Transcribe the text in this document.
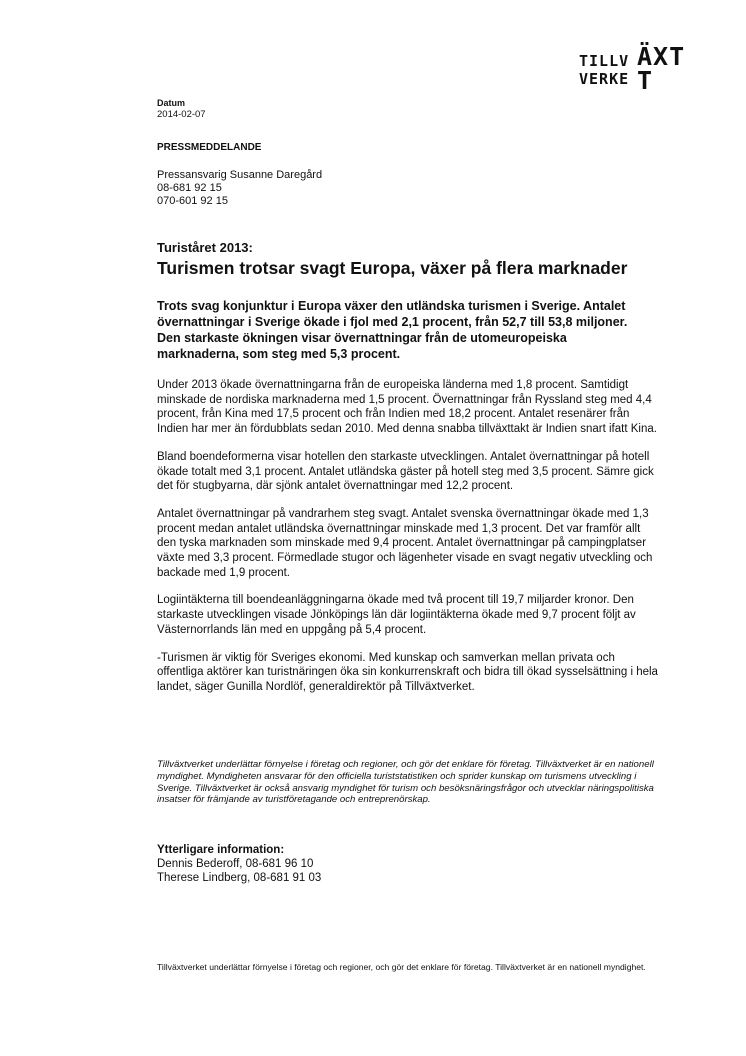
TILLV ÄXT
VERKE T
Datum
2014-02-07
PRESSMEDDELANDE
Pressansvarig Susanne Daregård
08-681 92 15
070-601 92 15
Turiståret 2013:
Turismen trotsar svagt Europa, växer på flera marknader
Trots svag konjunktur i Europa växer den utländska turismen i Sverige. Antalet övernattningar i Sverige ökade i fjol med 2,1 procent, från 52,7 till 53,8 miljoner. Den starkaste ökningen visar övernattningar från de utomeuropeiska marknaderna, som steg med 5,3 procent.

Under 2013 ökade övernattningarna från de europeiska länderna med 1,8 procent. Samtidigt minskade de nordiska marknaderna med 1,5 procent. Övernattningar från Ryssland steg med 4,4 procent, från Kina med 17,5 procent och från Indien med 18,2 procent. Antalet resenärer från Indien har mer än fördubblats sedan 2010. Med denna snabba tillväxttakt är Indien snart ifatt Kina.

Bland boendeformerna visar hotellen den starkaste utvecklingen. Antalet övernattningar på hotell ökade totalt med 3,1 procent. Antalet utländska gäster på hotell steg med 3,5 procent. Sämre gick det för stugbyarna, där sjönk antalet övernattningar med 12,2 procent.

Antalet övernattningar på vandrarhem steg svagt. Antalet svenska övernattningar ökade med 1,3 procent medan antalet utländska övernattningar minskade med 1,3 procent. Det var framför allt den tyska marknaden som minskade med 9,4 procent. Antalet övernattningar på campingplatser växte med 3,3 procent. Förmedlade stugor och lägenheter visade en svagt negativ utveckling och backade med 1,9 procent.

Logiintäkterna till boendeanläggningarna ökade med två procent till 19,7 miljarder kronor. Den starkaste utvecklingen visade Jönköpings län där logiintäkterna ökade med 9,7 procent följt av Västernorrlands län med en uppgång på 5,4 procent.

-Turismen är viktig för Sveriges ekonomi. Med kunskap och samverkan mellan privata och offentliga aktörer kan turistnäringen öka sin konkurrenskraft och bidra till ökad sysselsättning i hela landet, säger Gunilla Nordlöf, generaldirektör på Tillväxtverket.

Tillväxtverket underlättar förnyelse i företag och regioner, och gör det enklare för företag. Tillväxtverket är en nationell myndighet. Myndigheten ansvarar för den officiella turiststatistiken och sprider kunskap om turismens utveckling i Sverige. Tillväxtverket är också ansvarig myndighet för turism och besöksnäringsfrågor och utvecklar näringspolitiska insatser för främjande av turistföretagande och entreprenörskap.
Ytterligare information:
Dennis Bederoff, 08-681 96 10
Therese Lindberg, 08-681 91 03
Tillväxtverket underlättar förnyelse i företag och regioner, och gör det enklare för företag. Tillväxtverket är en nationell myndighet.
